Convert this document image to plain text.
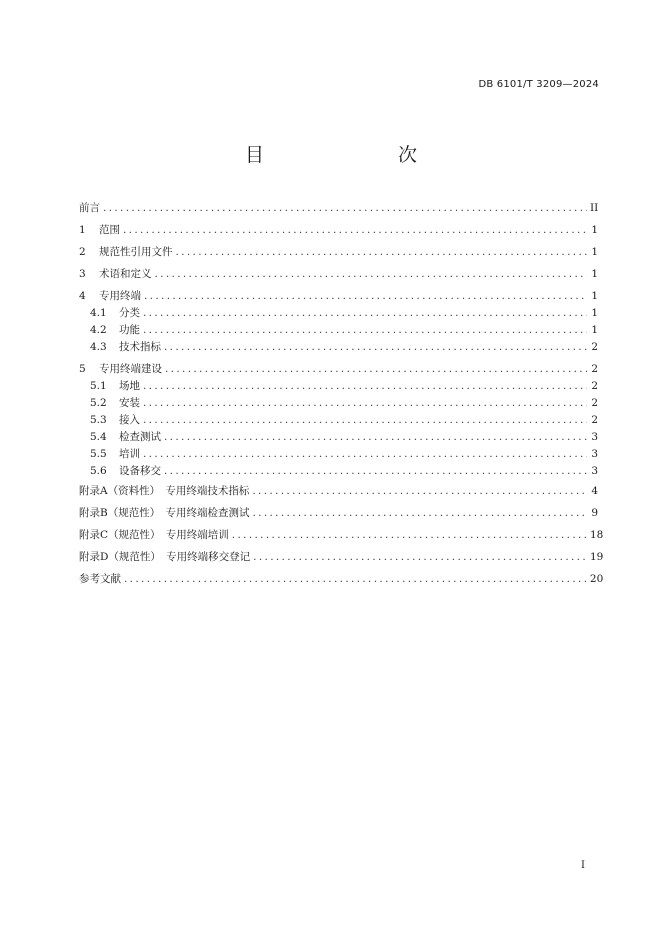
DB 6101/T 3209—2024
目　　次
前言 . . .	II
1	范围 . . .	1
2	规范性引用文件 . . .	1
3	术语和定义 . . .	1
4	专用终端 . . .	1
4.1	分类 . . .	1
4.2	功能 . . .	1
4.3	技术指标 . . .	2
5	专用终端建设 . . .	2
5.1	场地 . . .	2
5.2	安装 . . .	2
5.3	接入 . . .	2
5.4	检查测试 . . .	3
5.5	培训 . . .	3
5.6	设备移交 . . .	3
附录A（资料性）　专用终端技术指标 . . .	4
附录B（规范性）　专用终端检查测试 . . .	9
附录C（规范性）　专用终端培训 . . .	18
附录D（规范性）　专用终端移交登记 . . .	19
参考文献 . . .	20
I
